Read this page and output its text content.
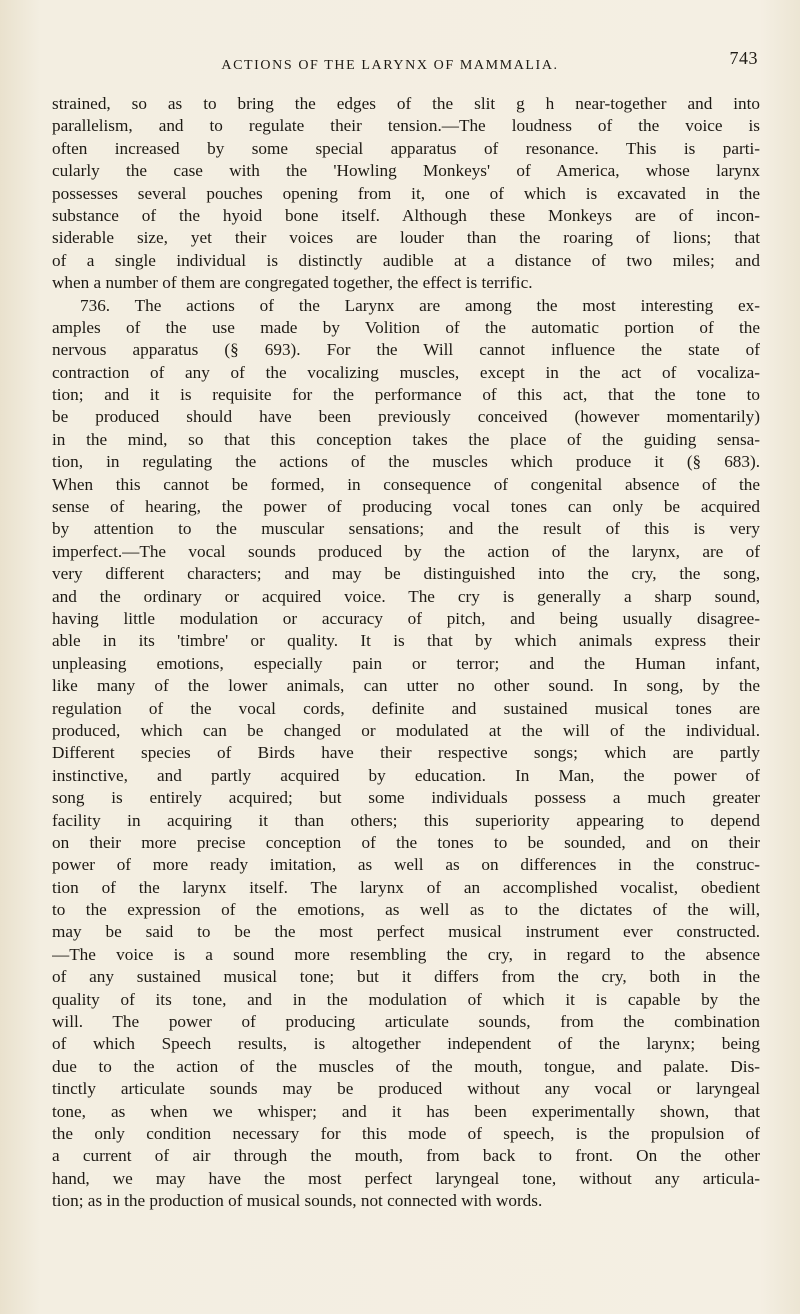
ACTIONS OF THE LARYNX OF MAMMALIA.	743

strained, so as to bring the edges of the slit g h near-together and into

parallelism, and to regulate their tension.—The loudness of the voice is

often increased by some special apparatus of resonance. This is parti-

cularly the case with the 'Howling Monkeys' of America, whose larynx

possesses several pouches opening from it, one of which is excavated in the

substance of the hyoid bone itself. Although these Monkeys are of incon-

siderable size, yet their voices are louder than the roaring of lions; that

of a single individual is distinctly audible at a distance of two miles; and

when a number of them are congregated together, the effect is terrific.

736. The actions of the Larynx are among the most interesting ex-

amples of the use made by Volition of the automatic portion of the

nervous apparatus (§ 693). For the Will cannot influence the state of

contraction of any of the vocalizing muscles, except in the act of vocaliza-

tion; and it is requisite for the performance of this act, that the tone to

be produced should have been previously conceived (however momentarily)

in the mind, so that this conception takes the place of the guiding sensa-

tion, in regulating the actions of the muscles which produce it (§ 683).

When this cannot be formed, in consequence of congenital absence of the

sense of hearing, the power of producing vocal tones can only be acquired

by attention to the muscular sensations; and the result of this is very

imperfect.—The vocal sounds produced by the action of the larynx, are of

very different characters; and may be distinguished into the cry, the song,

and the ordinary or acquired voice. The cry is generally a sharp sound,

having little modulation or accuracy of pitch, and being usually disagree-

able in its 'timbre' or quality. It is that by which animals express their

unpleasing emotions, especially pain or terror; and the Human infant,

like many of the lower animals, can utter no other sound. In song, by the

regulation of the vocal cords, definite and sustained musical tones are

produced, which can be changed or modulated at the will of the individual.

Different species of Birds have their respective songs; which are partly

instinctive, and partly acquired by education. In Man, the power of

song is entirely acquired; but some individuals possess a much greater

facility in acquiring it than others; this superiority appearing to depend

on their more precise conception of the tones to be sounded, and on their

power of more ready imitation, as well as on differences in the construc-

tion of the larynx itself. The larynx of an accomplished vocalist, obedient

to the expression of the emotions, as well as to the dictates of the will,

may be said to be the most perfect musical instrument ever constructed.

—The voice is a sound more resembling the cry, in regard to the absence

of any sustained musical tone; but it differs from the cry, both in the

quality of its tone, and in the modulation of which it is capable by the

will. The power of producing articulate sounds, from the combination

of which Speech results, is altogether independent of the larynx; being

due to the action of the muscles of the mouth, tongue, and palate. Dis-

tinctly articulate sounds may be produced without any vocal or laryngeal

tone, as when we whisper; and it has been experimentally shown, that

the only condition necessary for this mode of speech, is the propulsion of

a current of air through the mouth, from back to front. On the other

hand, we may have the most perfect laryngeal tone, without any articula-

tion; as in the production of musical sounds, not connected with words.
